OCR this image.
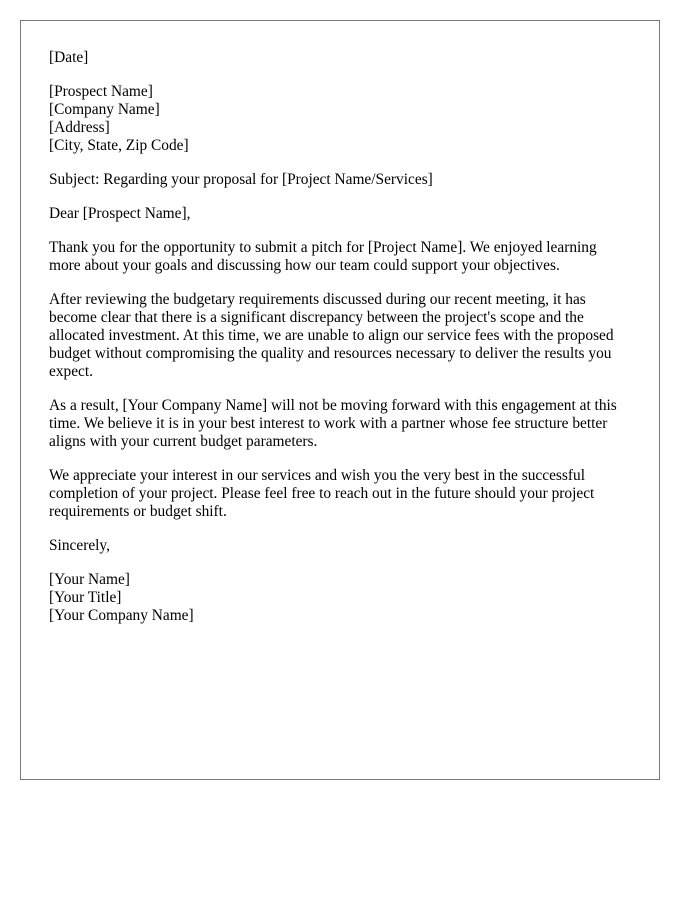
[Date]

[Prospect Name]
[Company Name]
[Address]
[City, State, Zip Code]

Subject: Regarding your proposal for [Project Name/Services]

Dear [Prospect Name],

Thank you for the opportunity to submit a pitch for [Project Name]. We enjoyed learning more about your goals and discussing how our team could support your objectives.

After reviewing the budgetary requirements discussed during our recent meeting, it has become clear that there is a significant discrepancy between the project's scope and the allocated investment. At this time, we are unable to align our service fees with the proposed budget without compromising the quality and resources necessary to deliver the results you expect.

As a result, [Your Company Name] will not be moving forward with this engagement at this time. We believe it is in your best interest to work with a partner whose fee structure better aligns with your current budget parameters.

We appreciate your interest in our services and wish you the very best in the successful completion of your project. Please feel free to reach out in the future should your project requirements or budget shift.

Sincerely,

[Your Name]
[Your Title]
[Your Company Name]
